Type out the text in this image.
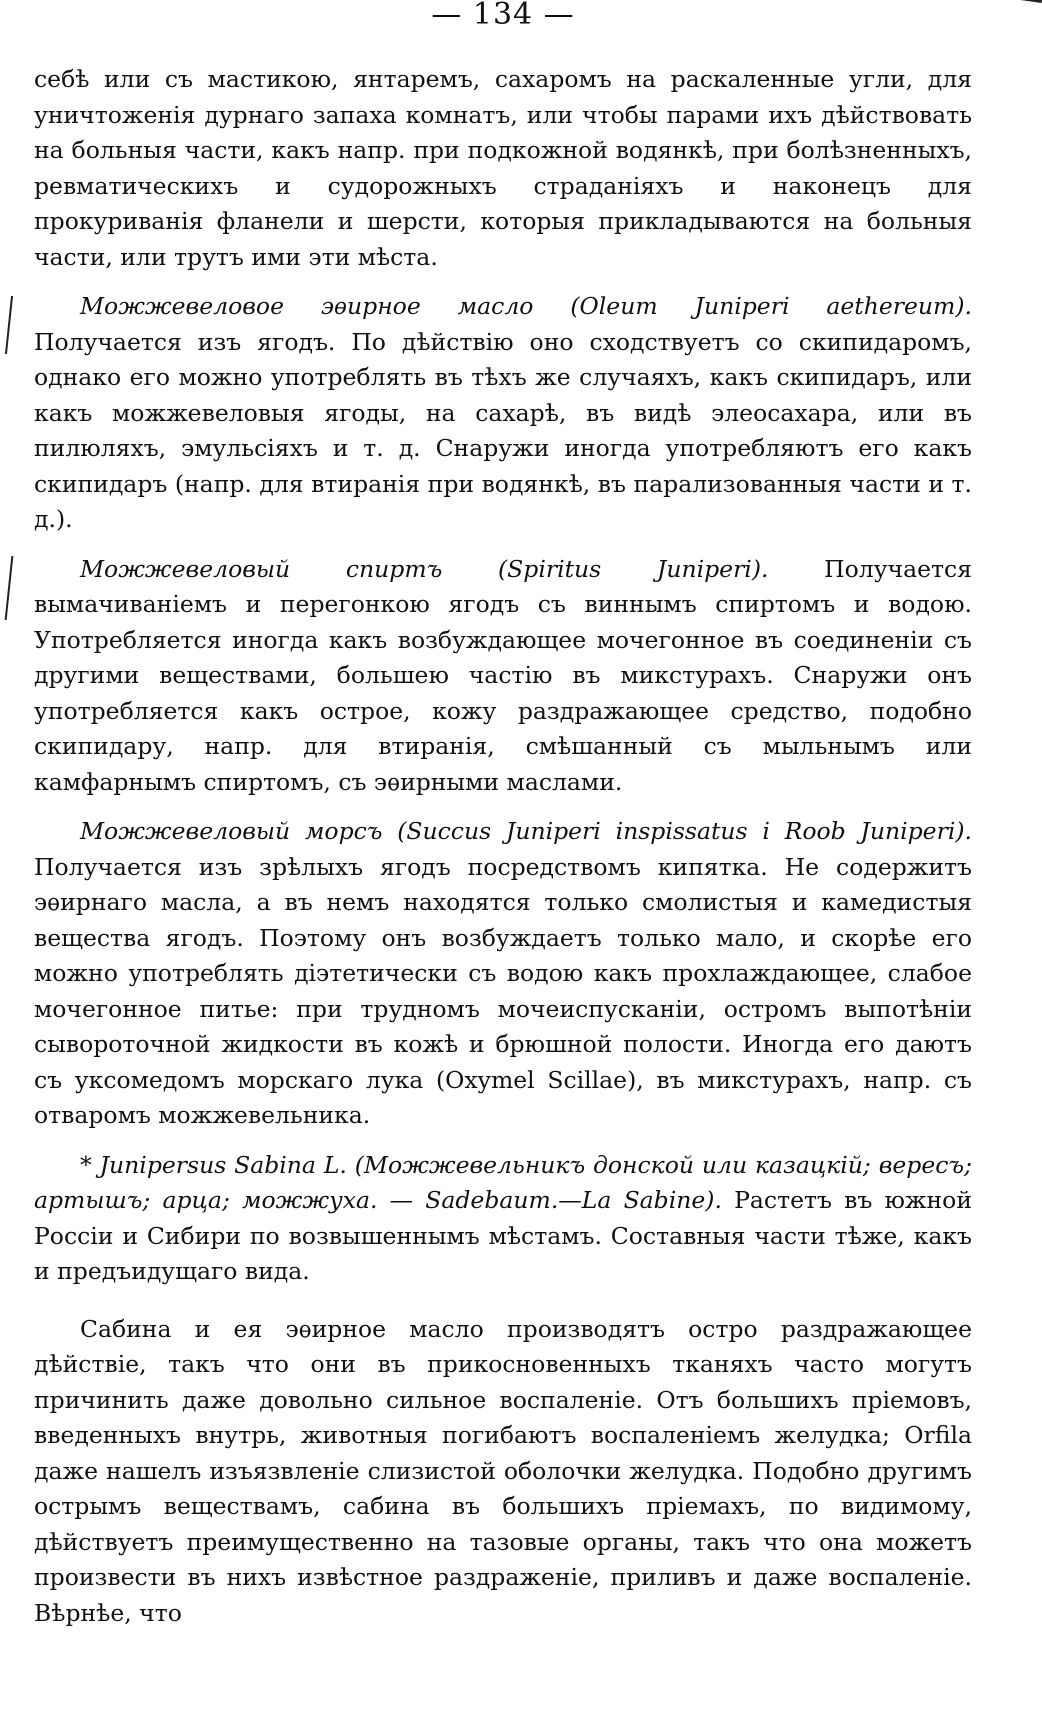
— 134 —

себѣ или съ мастикою, янтаремъ, сахаромъ на раскаленные угли, для уничтоженія дурнаго запаха комнатъ, или чтобы парами ихъ дѣйствовать на больныя части, какъ напр. при подкожной водянкѣ, при болѣзненныхъ, ревматическихъ и судорожныхъ страданіяхъ и наконецъ для прокуриванія фланели и шерсти, которыя прикладываются на больныя части, или трутъ ими эти мѣста.

Можжевеловое эѳирное масло (Oleum Juniperi aethereum). Получается изъ ягодъ. По дѣйствію оно сходствуетъ со скипидаромъ, однако его можно употреблять въ тѣхъ же случаяхъ, какъ скипидаръ, или какъ можжевеловыя ягоды, на сахарѣ, въ видѣ элеосахара, или въ пилюляхъ, эмульсіяхъ и т. д. Снаружи иногда употребляютъ его какъ скипидаръ (напр. для втиранія при водянкѣ, въ парализованныя части и т. д.).

Можжевеловый спиртъ (Spiritus Juniperi). Получается вымачиваніемъ и перегонкою ягодъ съ виннымъ спиртомъ и водою. Употребляется иногда какъ возбуждающее мочегонное въ соединеніи съ другими веществами, большею частію въ микстурахъ. Снаружи онъ употребляется какъ острое, кожу раздражающее средство, подобно скипидару, напр. для втиранія, смѣшанный съ мыльнымъ или камфарнымъ спиртомъ, съ эѳирными маслами.

Можжевеловый морсъ (Succus Juniperi inspissatus i Roob Juniperi). Получается изъ зрѣлыхъ ягодъ посредствомъ кипятка. Не содержитъ эѳирнаго масла, а въ немъ находятся только смолистыя и камедистыя вещества ягодъ. Поэтому онъ возбуждаетъ только мало, и скорѣе его можно употреблять діэтетически съ водою какъ прохлаждающее, слабое мочегонное питье: при трудномъ мочеиспусканіи, остромъ выпотѣніи сывороточной жидкости въ кожѣ и брюшной полости. Иногда его даютъ съ уксомедомъ морскаго лука (Oxymel Scillae), въ микстурахъ, напр. съ отваромъ можжевельника.

* Junipersus Sabina L. (Можжевельникъ донской или казацкій; вересъ; артышъ; арца; можжуха. — Sadebaum.—La Sabine). Растетъ въ южной Россіи и Сибири по возвышеннымъ мѣстамъ. Составныя части тѣже, какъ и предъидущаго вида.

Сабина и ея эѳирное масло производятъ остро раздражающее дѣйствіе, такъ что они въ прикосновенныхъ тканяхъ часто могутъ причинить даже довольно сильное воспаленіе. Отъ большихъ пріемовъ, введенныхъ внутрь, животныя погибаютъ воспаленіемъ желудка; Orfila даже нашелъ изъязвленіе слизистой оболочки желудка. Подобно другимъ острымъ веществамъ, сабина въ большихъ пріемахъ, по видимому, дѣйствуетъ преимущественно на тазовые органы, такъ что она можетъ произвести въ нихъ извѣстное раздраженіе, приливъ и даже воспаленіе. Вѣрнѣе, что
